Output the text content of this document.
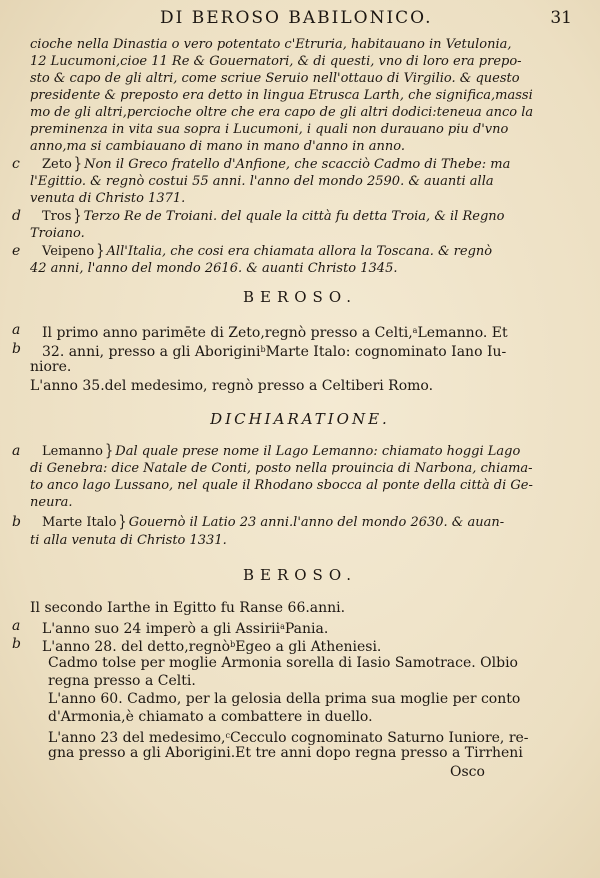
DI BEROSO BABILONICO.	31
cioche nella Dinastia o vero potentato c'Etruria, habitauano in Vetulonia,
12 Lucumoni,cioe 11 Re & Gouernatori, & di questi, vno di loro era prepo-
sto & capo de gli altri, come scriue Seruio nell'ottauo di Virgilio. & questo
presidente & preposto era detto in lingua Etrusca Larth, che significa,massi
mo de gli altri,percioche oltre che era capo de gli altri dodici:teneua anco la
preminenza in vita sua sopra i Lucumoni, i quali non durauano piu d'vno
anno,ma si cambiauano di mano in mano d'anno in anno.
c	Zeto } Non il Greco fratello d'Anfione, che scacciò Cadmo di Thebe: ma
l'Egittio. & regnò costui 55 anni. l'anno del mondo 2590. & auanti alla
venuta di Christo 1371.
d	Tros } Terzo Re de Troiani. del quale la città fu detta Troia, & il Regno
Troiano.
e	Veipeno } All'Italia, che cosi era chiamata allora la Toscana. & regnò
42 anni, l'anno del mondo 2616. & auanti Christo 1345.
BEROSO.
a	Il primo anno parimēte di Zeto,regnò presso a Celti,$^a$Lemanno. Et
b	32. anni, presso a gli Aborigini$^b$Marte Italo: cognominato Iano Iu-
niore.
L'anno 35.del medesimo, regnò presso a Celtiberi Romo.
DICHIARATIONE.
a	Lemanno } Dal quale prese nome il Lago Lemanno: chiamato hoggi Lago
di Genebra: dice Natale de Conti, posto nella prouincia di Narbona, chiama-
to anco lago Lussano, nel quale il Rhodano sbocca al ponte della città di Ge-
neura.
b	Marte Italo } Gouernò il Latio 23 anni.l'anno del mondo 2630. & auan-
ti alla venuta di Christo 1331.
BEROSO.
Il secondo Iarthe in Egitto fu Ranse 66.anni.
a	L'anno suo 24 imperò a gli Assirii$^a$Pania.
b	L'anno 28. del detto,regnò$^b$Egeo a gli Atheniesi.
Cadmo tolse per moglie Armonia sorella di Iasio Samotrace. Olbio
regna presso a Celti.
L'anno 60. Cadmo, per la gelosia della prima sua moglie per conto
d'Armonia,è chiamato a combattere in duello.
L'anno 23 del medesimo,$^c$Cecculo cognominato Saturno Iuniore, re-
gna presso a gli Aborigini.Et tre anni dopo regna presso a Tirrheni
Osco
